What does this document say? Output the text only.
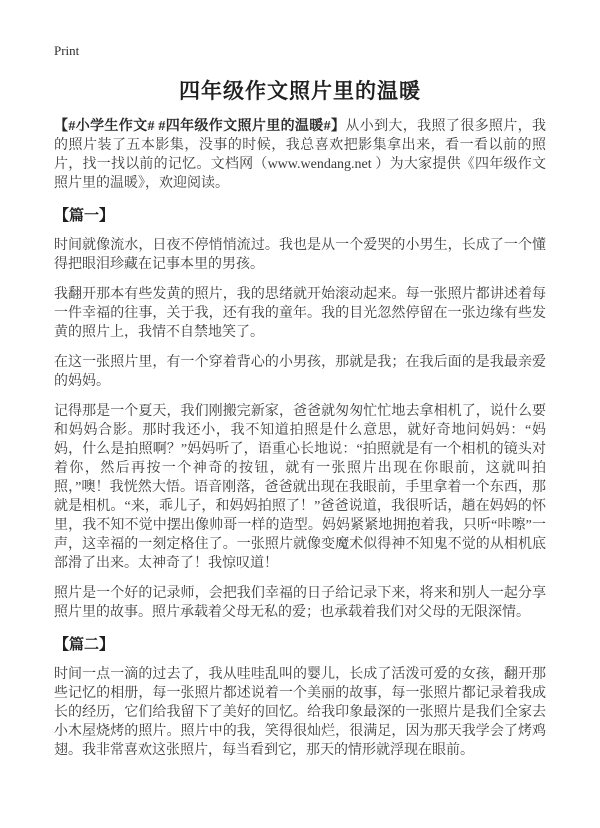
Print
四年级作文照片里的温暖

【#小学生作文# #四年级作文照片里的温暖#】从小到大，我照了很多照片，我的照片装了五本影集，没事的时候，我总喜欢把影集拿出来，看一看以前的照片，找一找以前的记忆。文档网（www.wendang.net ）为大家提供《四年级作文照片里的温暖》，欢迎阅读。

【篇一】

时间就像流水，日夜不停悄悄流过。我也是从一个爱哭的小男生，长成了一个懂得把眼泪珍藏在记事本里的男孩。

我翻开那本有些发黄的照片，我的思绪就开始滚动起来。每一张照片都讲述着每一件幸福的往事，关于我，还有我的童年。我的目光忽然停留在一张边缘有些发黄的照片上，我情不自禁地笑了。

在这一张照片里，有一个穿着背心的小男孩，那就是我；在我后面的是我最亲爱的妈妈。

记得那是一个夏天，我们刚搬完新家，爸爸就匆匆忙忙地去拿相机了，说什么要和妈妈合影。那时我还小，我不知道拍照是什么意思，就好奇地问妈妈：“妈妈，什么是拍照啊？”妈妈听了，语重心长地说：“拍照就是有一个相机的镜头对着你，然后再按一个神奇的按钮，就有一张照片出现在你眼前，这就叫拍照，”噢！我恍然大悟。语音刚落，爸爸就出现在我眼前，手里拿着一个东西，那就是相机。“来，乖儿子，和妈妈拍照了！”爸爸说道，我很听话，趟在妈妈的怀里，我不知不觉中摆出像帅哥一样的造型。妈妈紧紧地拥抱着我，只听“咔嚓”一声，这幸福的一刻定格住了。一张照片就像变魔术似得神不知鬼不觉的从相机底部滑了出来。太神奇了！我惊叹道！

照片是一个好的记录师，会把我们幸福的日子给记录下来，将来和别人一起分享照片里的故事。照片承载着父母无私的爱；也承载着我们对父母的无限深情。

【篇二】

时间一点一滴的过去了，我从哇哇乱叫的婴儿，长成了活泼可爱的女孩，翻开那些记忆的相册，每一张照片都述说着一个美丽的故事，每一张照片都记录着我成长的经历，它们给我留下了美好的回忆。给我印象最深的一张照片是我们全家去小木屋烧烤的照片。照片中的我，笑得很灿烂，很满足，因为那天我学会了烤鸡翅。我非常喜欢这张照片，每当看到它，那天的情形就浮现在眼前。
